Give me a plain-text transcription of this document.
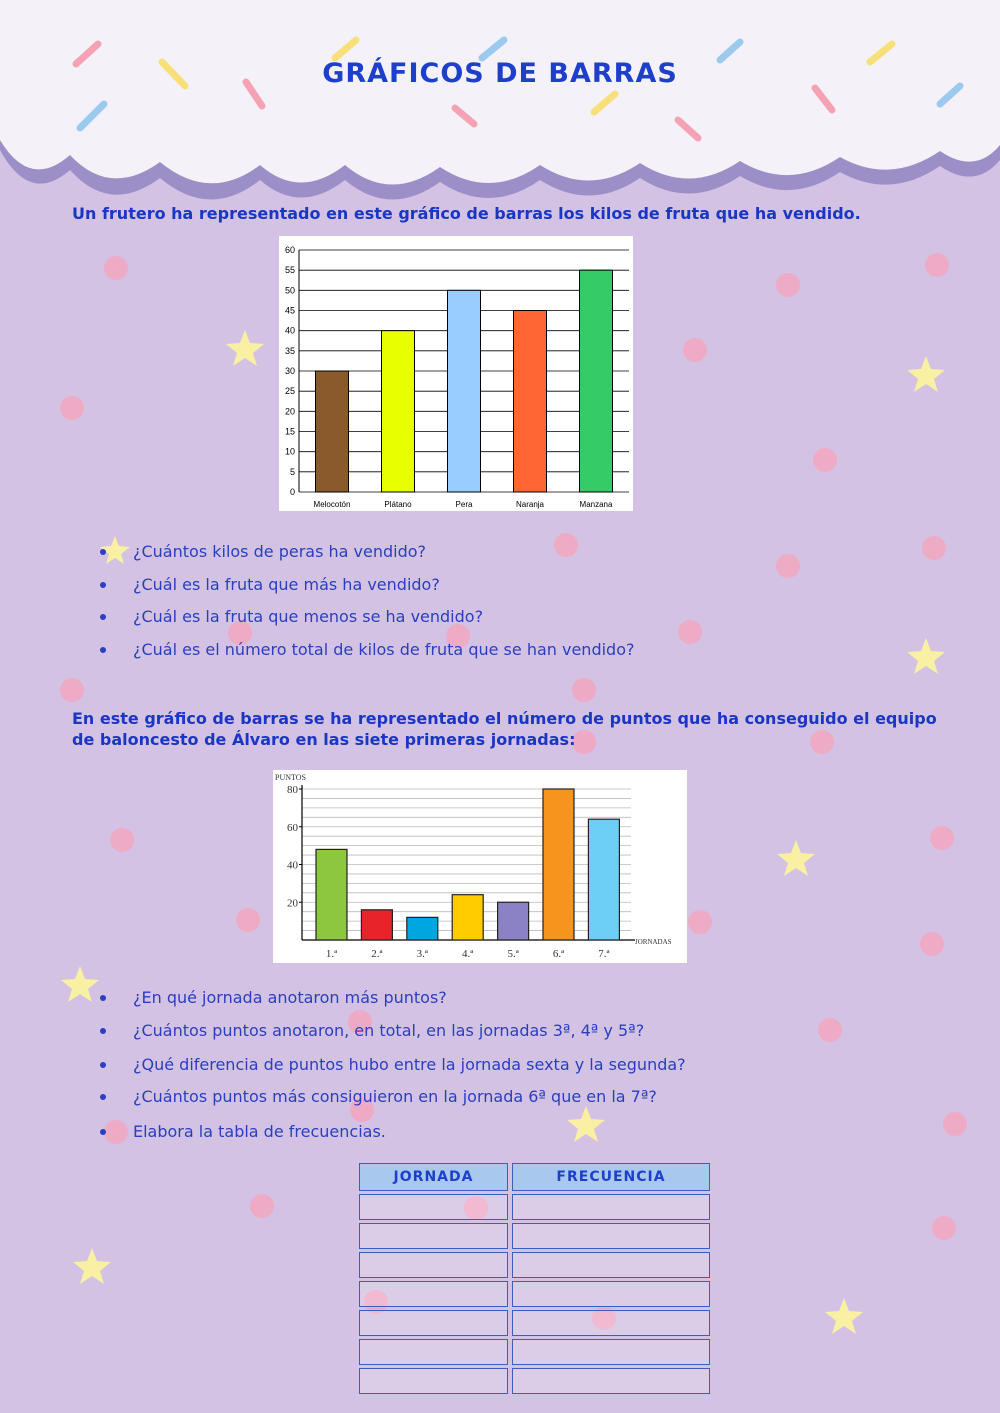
GRÁFICOS DE BARRAS
Un frutero ha representado en este gráfico de barras los kilos de fruta que ha vendido.
0
5
10
15
20
25
30
35
40
45
50
55
60
Melocotón	Plátano	Pera	Naranja	Manzana
¿Cuántos kilos de peras ha vendido?
¿Cuál es la fruta que más ha vendido?
¿Cuál es la fruta que menos se ha vendido?
¿Cuál es el número total de kilos de fruta que se han vendido?
En este gráfico de barras se ha representado el número de puntos que ha conseguido el equipo de baloncesto de Álvaro en las siete primeras jornadas:
20
40
60
80
PUNTOS
JORNADAS
1.ª	2.ª	3.ª	4.ª	5.ª	6.ª	7.ª
¿En qué jornada anotaron más puntos?
¿Cuántos puntos anotaron, en total, en las jornadas 3ª, 4ª y 5ª?
¿Qué diferencia de puntos hubo entre la jornada sexta y la segunda?
¿Cuántos puntos más consiguieron en la jornada 6ª que en la 7ª?
Elabora la tabla de frecuencias.
JORNADA	FRECUENCIA
